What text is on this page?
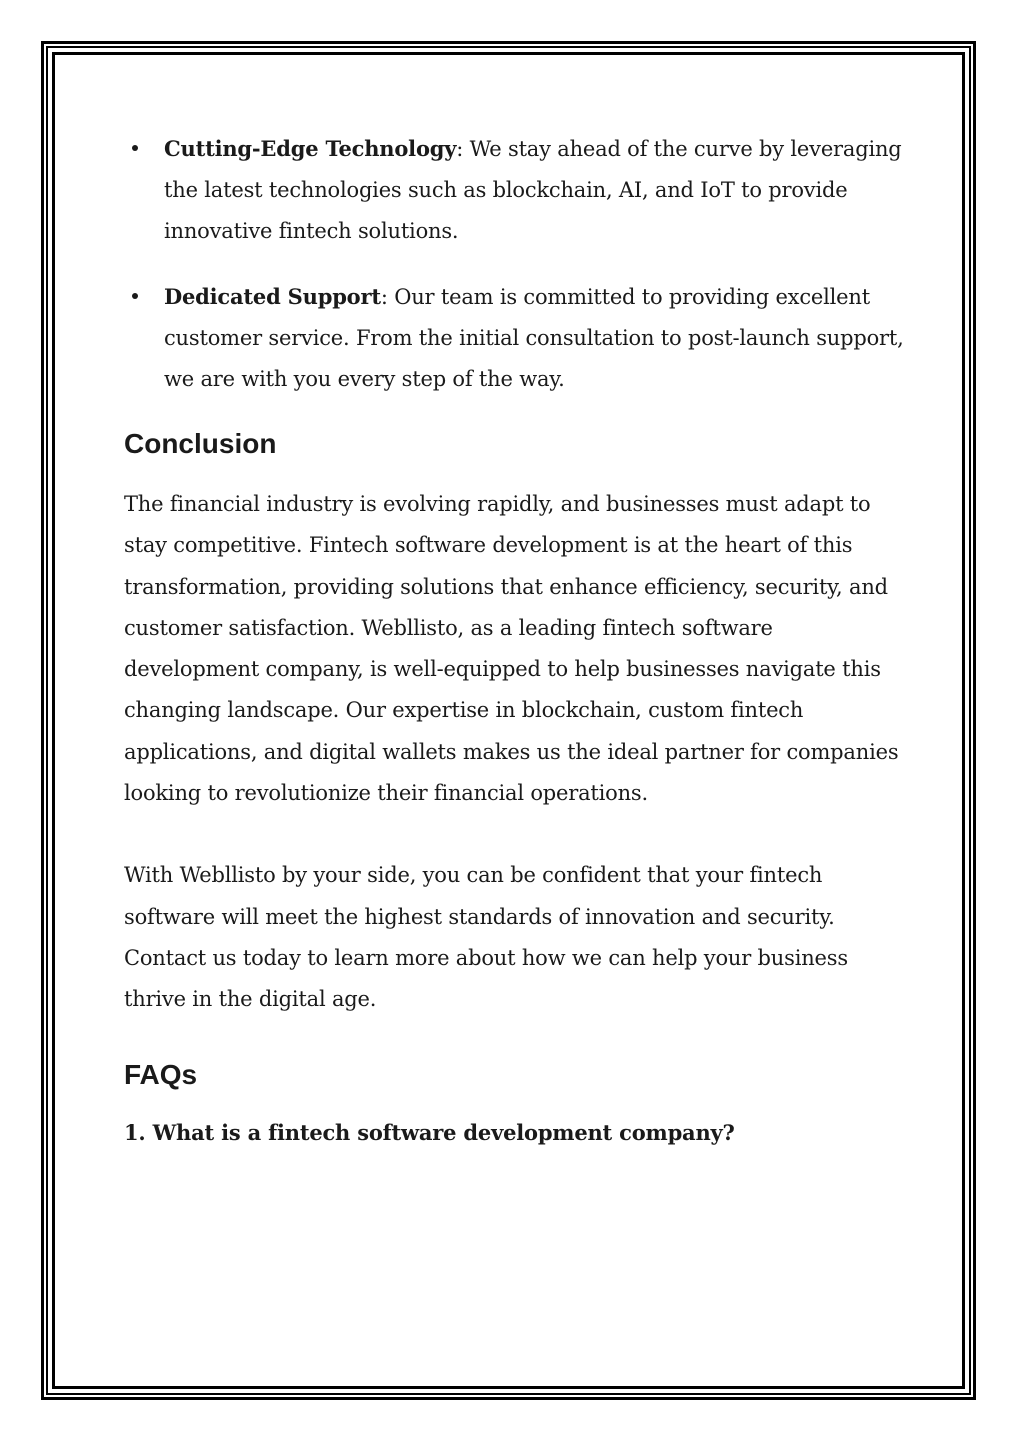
Cutting-Edge Technology: We stay ahead of the curve by leveraging the latest technologies such as blockchain, AI, and IoT to provide innovative fintech solutions.
Dedicated Support: Our team is committed to providing excellent customer service. From the initial consultation to post-launch support, we are with you every step of the way.
Conclusion

The financial industry is evolving rapidly, and businesses must adapt to stay competitive. Fintech software development is at the heart of this transformation, providing solutions that enhance efficiency, security, and customer satisfaction. Webllisto, as a leading fintech software development company, is well-equipped to help businesses navigate this changing landscape. Our expertise in blockchain, custom fintech applications, and digital wallets makes us the ideal partner for companies looking to revolutionize their financial operations.

With Webllisto by your side, you can be confident that your fintech software will meet the highest standards of innovation and security. Contact us today to learn more about how we can help your business thrive in the digital age.

FAQs
1. What is a fintech software development company?
